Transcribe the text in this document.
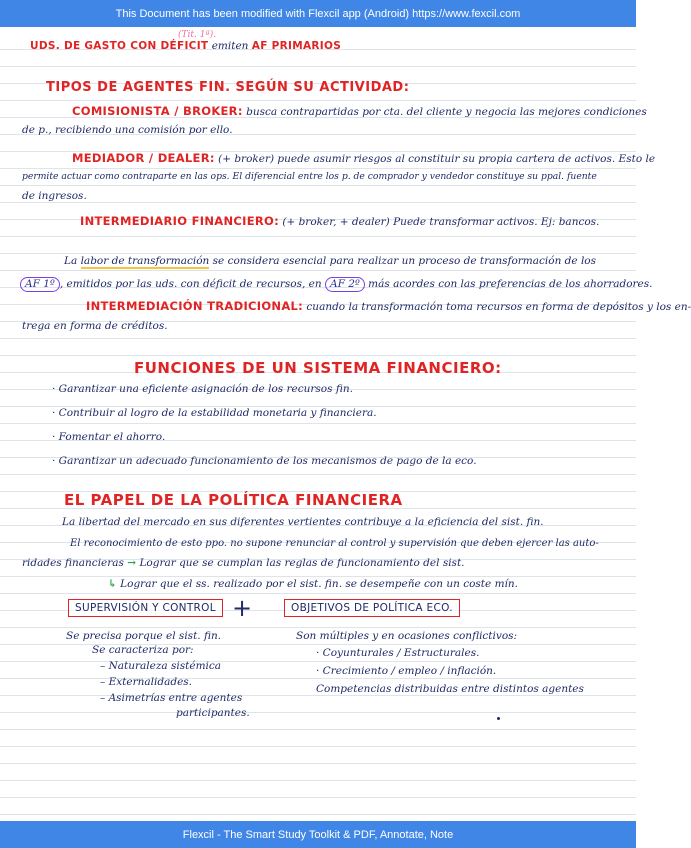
This Document has been modified with Flexcil app (Android) https://www.fexcil.com
UDS. DE GASTO CON DÉFICIT emiten AF PRIMARIOS
(Tit. 1ª).
TIPOS DE AGENTES FIN. SEGÚN SU ACTIVIDAD:
COMISIONISTA / BROKER: busca contrapartidas por cta. del cliente y negocia las mejores condiciones
de p., recibiendo una comisión por ello.
MEDIADOR / DEALER: (+ broker) puede asumir riesgos al constituir su propia cartera de activos. Esto le
permite actuar como contraparte en las ops. El diferencial entre los p. de comprador y vendedor constituye su ppal. fuente
de ingresos.
INTERMEDIARIO FINANCIERO: (+ broker, + dealer) Puede transformar activos. Ej: bancos.
La labor de transformación se considera esencial para realizar un proceso de transformación de los
AF 1º , emitidos por las uds. con déficit de recursos, en AF 2º más acordes con las preferencias de los ahorradores.
INTERMEDIACIÓN TRADICIONAL: cuando la transformación toma recursos en forma de depósitos y los en-
trega en forma de créditos.
FUNCIONES DE UN SISTEMA FINANCIERO:
· Garantizar una eficiente asignación de los recursos fin.
· Contribuir al logro de la estabilidad monetaria y financiera.
· Fomentar el ahorro.
· Garantizar un adecuado funcionamiento de los mecanismos de pago de la eco.
EL PAPEL DE LA POLÍTICA FINANCIERA
La libertad del mercado en sus diferentes vertientes contribuye a la eficiencia del sist. fin.
El reconocimiento de esto ppo. no supone renunciar al control y supervisión que deben ejercer las auto-
ridades financieras → Lograr que se cumplan las reglas de funcionamiento del sist.
↳ Lograr que el ss. realizado por el sist. fin. se desempeñe con un coste mín.
SUPERVISIÓN Y CONTROL +	OBJETIVOS DE POLÍTICA ECO.
Se precisa porque el sist. fin.
Se caracteriza por:
– Naturaleza sistémica
– Externalidades.
– Asimetrías entre agentes
participantes.
Son múltiples y en ocasiones conflictivos:
· Coyunturales / Estructurales.
· Crecimiento / empleo / inflación.
Competencias distribuidas entre distintos agentes
Flexcil - The Smart Study Toolkit & PDF, Annotate, Note
